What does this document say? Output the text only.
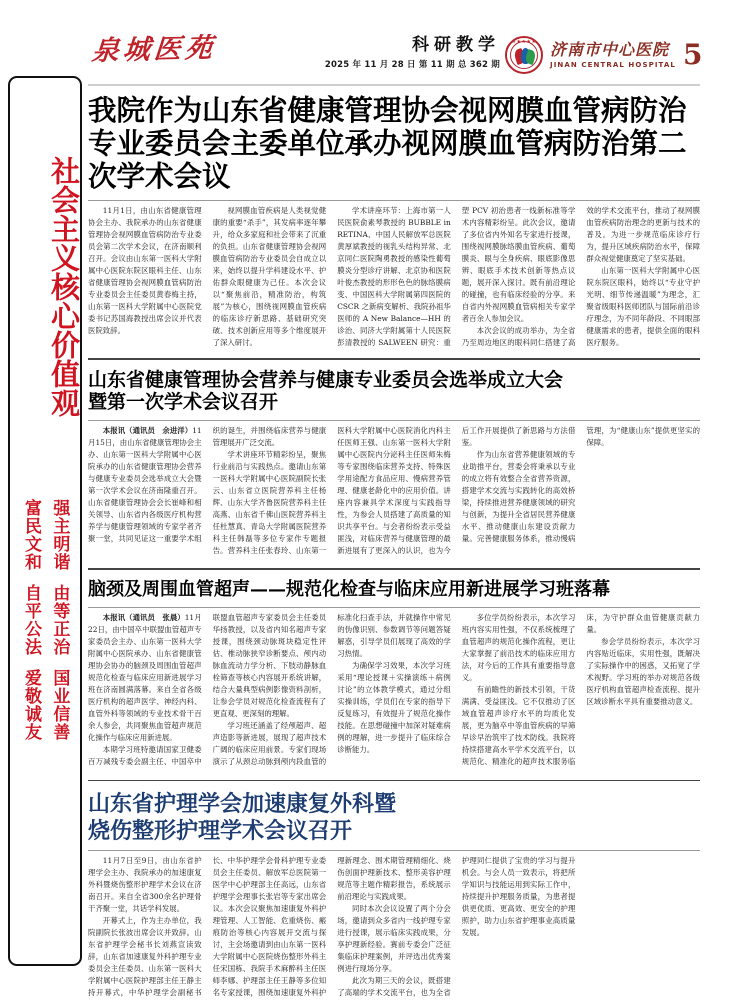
泉城医苑	科研教学
2025 年 11 月 28 日 第 11 期 总 362 期
★★★★★ 济南市中心医院
JINAN CENTRAL HOSPITAL 5
社会主义核心价值观
强主明谐
富民文和
由等正治
自平公法
国业信善
爱敬诚友
我院作为山东省健康管理协会视网膜血管病防治专业委员会主委单位承办视网膜血管病防治第二次学术会议

11月1日，由山东省健康管理协会主办、我院承办的山东省健康管理协会视网膜血管病防治专业委员会第二次学术会议，在济南顺利召开。会议由山东第一医科大学附属中心医院东院区眼科主任、山东省健康管理协会视网膜血管病防治专业委员会主任委员黄春梅主持，山东第一医科大学附属中心医院党委书记苏国海教授出席会议并代表医院致辞。

视网膜血管疾病是人类视觉健康的重要“杀手”，其发病率逐年攀升，给众多家庭和社会带来了沉重的负担。山东省健康管理协会视网膜血管病防治专业委员会自成立以来，始终以提升学科建设水平、护佑群众眼健康为己任。本次会议以“聚焦前沿，精准防治，构筑展”为核心，围绕视网膜血管疾病的临床诊疗新思路、基础研究突破、技术创新应用等多个维度展开了深入研讨。

学术讲座环节：上海市第一人民医院俞素琴教授的 BUBBLE in RETINA、中国人民解放军总医院黄厚斌教授的视乳头结构异常、北京同仁医院陶勇教授的感染性葡萄膜炎分型诊疗讲解、北京协和医院叶俊杰教授的形形色色的脉络膜病变、中国医科大学附属第四医院的 CSCR 之新病变解析、我院孙祖华医师的 A New Balance—HH 的诊治、同济大学附属第十人民医院彭清教授的 SALWEEN 研究：重塑 PCV 初治患者一线新标准等学术内容精彩纷呈。此次会议，邀请了多位省内外知名专家进行授课，围绕视网膜脉络膜血管疾病、葡萄膜炎、眼与全身疾病、眼底影像思辨、眼底手术技术创新等热点议题，展开深入探讨。既有前沿理论的碰撞，也有临床经验的分享。来自省内外视网膜血管病相关专家学者百余人参加会议。

本次会议的成功举办，为全省乃至周边地区的眼科同仁搭建了高效的学术交流平台，推动了视网膜血管疾病防治理念的更新与技术的普及。为进一步规范临床诊疗行为，提升区域疾病防治水平，保障群众视觉健康奠定了坚实基础。

山东第一医科大学附属中心医院东院区眼科，始终以“专业守护光明、细节传递温暖”为理念，汇聚省级眼科医师团队与国际前沿诊疗理念，为不同年龄段、不同眼部健康需求的患者，提供全面的眼科医疗服务。

山东省健康管理协会营养与健康专业委员会选举成立大会
暨第一次学术会议召开

本报讯（通讯员　余进洋）11月15日，由山东省健康管理协会主办、山东第一医科大学附属中心医院承办的山东省健康管理协会营养与健康专业委员会选举成立大会暨第一次学术会议在济南隆重召开。山东省健康管理协会会长崔峰和相关领导、山东省内各级医疗机构营养学与健康管理领域的专家学者齐聚一堂，共同见证这一重要学术组织的诞生，并围绕临床营养与健康管理展开广泛交流。

学术讲座环节精彩纷呈，聚焦行业前沿与实践热点。邀请山东第一医科大学附属中心医院副院长张云、山东省立医院营养科主任杨辉、山东大学齐鲁医院营养科主任高燕、山东省千佛山医院营养科主任杜慧真、青岛大学附属医院营养科主任韩磊等多位专家作专题报告。营养科主任张春玲、山东第一医科大学附属中心医院消化内科主任医师王强、山东第一医科大学附属中心医院内分泌科主任医师朱梅等专家围绕临床营养支持、特殊医学用途配方食品应用、慢病营养管理、健康老龄化中的应用价值。讲座内容兼具学术深度与实践指导性，为参会人员搭建了高质量的知识共享平台。与会者纷纷表示受益匪浅，对临床营养与健康管理的最新进展有了更深入的认识，也为今后工作开展提供了新思路与方法借鉴。

作为山东省营养健康领域的专业助推平台，营委会将秉承以专业的成立将有效整合全省营养资源，搭建学术交流与实践转化的高效桥梁，持续推进营养健康领域的研究与创新，为提升全省居民营养健康水平、推动健康山东建设贡献力量。完善健康服务体系，推动慢病管理，为“健康山东”提供更坚实的保障。

脑颈及周围血管超声——规范化检查与临床应用新进展学习班落幕

本报讯（通讯员　张晨）11月22日，由中国卒中联盟血管超声专家委员会主办、山东第一医科大学附属中心医院承办、山东省健康管理协会协办的脑颈及周围血管超声规范化检查与临床应用新进展学习班在济南圆满落幕。来自全省各级医疗机构的超声医学、神经内科、血管外科等领域的专业技术骨干百余人参会，共同聚焦血管超声规范化操作与临床应用新进展。

本期学习班特邀请国家卫健委百万减残专委会副主任、中国卒中联盟血管超声专家委员会主任委员华扬教授，以及省内知名超声专家授课，围绕颈动脉斑块稳定性评估、椎动脉狭窄诊断要点、颅内动脉血流动力学分析、下肢动静脉血栓筛查等核心内容展开系统讲解，结合大量典型病例影像资料剖析，让参会学员对规范化检查流程有了更直观、更深刻的理解。

学习班还涵盖了经颅超声、超声造影等新进展，展现了超声技术广阔的临床应用前景。专家们现场演示了从颈总动脉到颅内段血管的标准化扫查手法，并就操作中常见的伪像识别、参数调节等问题答疑解惑，引导学员们展现了高效的学习热情。

为确保学习效果，本次学习班采用“理论授课＋实操演练＋病例讨论”的立体教学模式，通过分组实操训练，学员们在专家的指导下反复练习，有效提升了规范化操作技能。在思想碰撞中加深对疑难病例的理解，进一步提升了临床综合诊断能力。

多位学员纷纷表示，本次学习班内容实用性强，不仅系统梳理了血管超声的规范化操作流程，更让大家掌握了前沿技术的临床应用方法，对今后的工作具有重要指导意义。

有前瞻性的新技术引领，干货满满、受益匪浅。它不仅推动了区域血管超声诊疗水平的均质化发展，更为脑卒中等血管疾病的早筛早诊早治筑牢了技术防线。我院将持续搭建高水平学术交流平台，以规范化、精准化的超声技术服务临床，为守护群众血管健康贡献力量。

参会学员纷纷表示，本次学习内容贴近临床，实用性强，既解决了实际操作中的困惑，又拓宽了学术视野。学习班的举办对规范各级医疗机构血管超声检查流程、提升区域诊断水平具有重要推动意义。

山东省护理学会加速康复外科暨
烧伤整形护理学术会议召开

11月7日至9日，由山东省护理学会主办、我院承办的加速康复外科暨烧伤整形护理学术会议在济南召开。来自全省300余名护理骨干齐聚一堂，共话学科发展。

开幕式上，作为主办单位，我院副院长张波出席会议并致辞。山东省护理学会秘书长刘燕宣读致辞，山东省加速康复外科护理专业委员会主任委员、山东第一医科大学附属中心医院护理部主任王静主持开幕式，中华护理学会副秘书长、中华护理学会骨科护理专业委员会主任委员、解放军总医院第一医学中心护理部主任高远，山东省护理学会理事长张岩等专家出席会议。本次会议聚焦加速康复外科护理管理、人工智能、危重烧伤、瘢痕防治等核心内容展开交流与探讨，主会场邀请到由山东第一医科大学附属中心医院烧伤整形外科主任宋国栋、我院手术麻醉科主任医师李娜、护理部主任王静等多位知名专家授课，围绕加速康复外科护理新理念、围术期管理精细化、烧伤创面护理新技术、整形美容护理规范等主题作精彩报告，系统展示前沿理论与实践成果。

同时本次会议设置了两个分会场，邀请到众多省内一线护理专家进行授课，展示临床实践成果，分享护理新经验。赛前专委会广泛征集临床护理案例，并评选出优秀案例进行现场分享。

此次为期三天的会议，既搭建了高端的学术交流平台，也为全省护理同仁提供了宝贵的学习与提升机会。与会人员一致表示，将把所学知识与技能运用到实际工作中，持续提升护理服务质量，为患者提供更优质、更高效、更安全的护理照护，助力山东省护理事业高质量发展。
